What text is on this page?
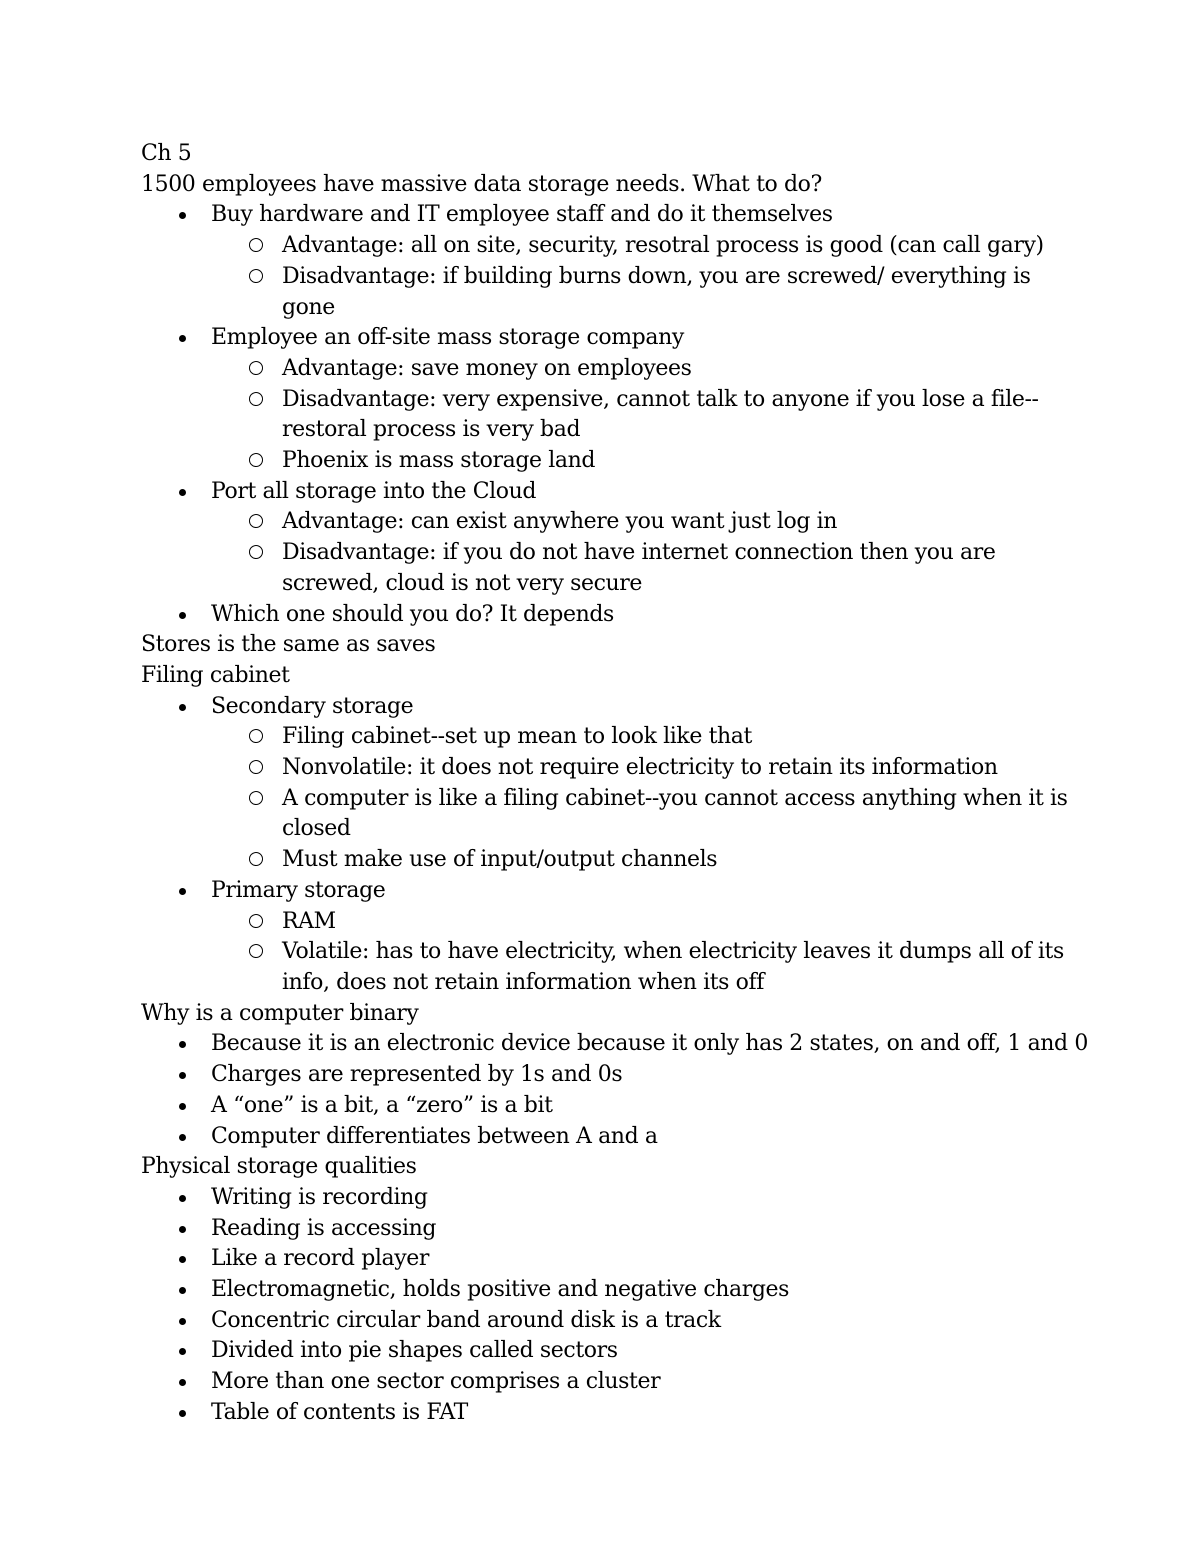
Ch 5
1500 employees have massive data storage needs. What to do?
Buy hardware and IT employee staff and do it themselves
Advantage: all on site, security, resotral process is good (can call gary)
Disadvantage: if building burns down, you are screwed/ everything is gone
Employee an off-site mass storage company
Advantage: save money on employees
Disadvantage: very expensive, cannot talk to anyone if you lose a file--restoral process is very bad
Phoenix is mass storage land
Port all storage into the Cloud
Advantage: can exist anywhere you want just log in
Disadvantage: if you do not have internet connection then you are screwed, cloud is not very secure
Which one should you do? It depends
Stores is the same as saves
Filing cabinet
Secondary storage
Filing cabinet--set up mean to look like that
Nonvolatile: it does not require electricity to retain its information
A computer is like a filing cabinet--you cannot access anything when it is closed
Must make use of input/output channels
Primary storage
RAM
Volatile: has to have electricity, when electricity leaves it dumps all of its info, does not retain information when its off
Why is a computer binary
Because it is an electronic device because it only has 2 states, on and off, 1 and 0
Charges are represented by 1s and 0s
A “one” is a bit, a “zero” is a bit
Computer differentiates between A and a
Physical storage qualities
Writing is recording
Reading is accessing
Like a record player
Electromagnetic, holds positive and negative charges
Concentric circular band around disk is a track
Divided into pie shapes called sectors
More than one sector comprises a cluster
Table of contents is FAT
